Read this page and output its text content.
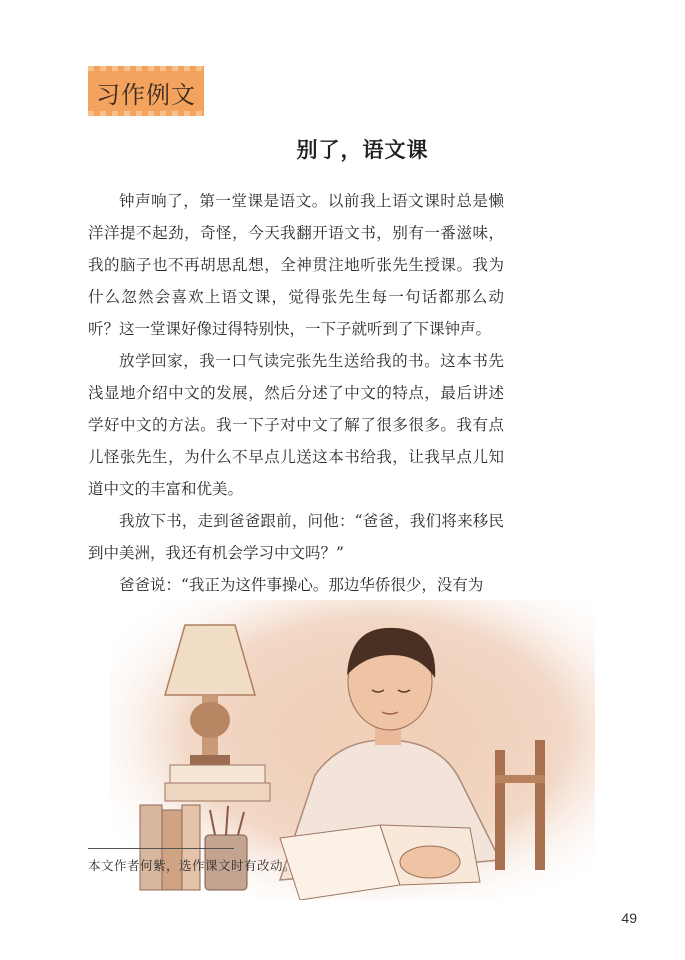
习作例文
别了，语文课

钟声响了，第一堂课是语文。以前我上语文课时总是懒洋洋提不起劲，奇怪，今天我翻开语文书，别有一番滋味，我的脑子也不再胡思乱想，全神贯注地听张先生授课。我为什么忽然会喜欢上语文课，觉得张先生每一句话都那么动听？这一堂课好像过得特别快，一下子就听到了下课钟声。

放学回家，我一口气读完张先生送给我的书。这本书先浅显地介绍中文的发展，然后分述了中文的特点，最后讲述学好中文的方法。我一下子对中文了解了很多很多。我有点儿怪张先生，为什么不早点儿送这本书给我，让我早点儿知道中文的丰富和优美。

我放下书，走到爸爸跟前，问他：“爸爸，我们将来移民到中美洲，我还有机会学习中文吗？”

爸爸说：“我正为这件事操心。那边华侨很少，没有为

本文作者何紫，选作课文时有改动。
49
